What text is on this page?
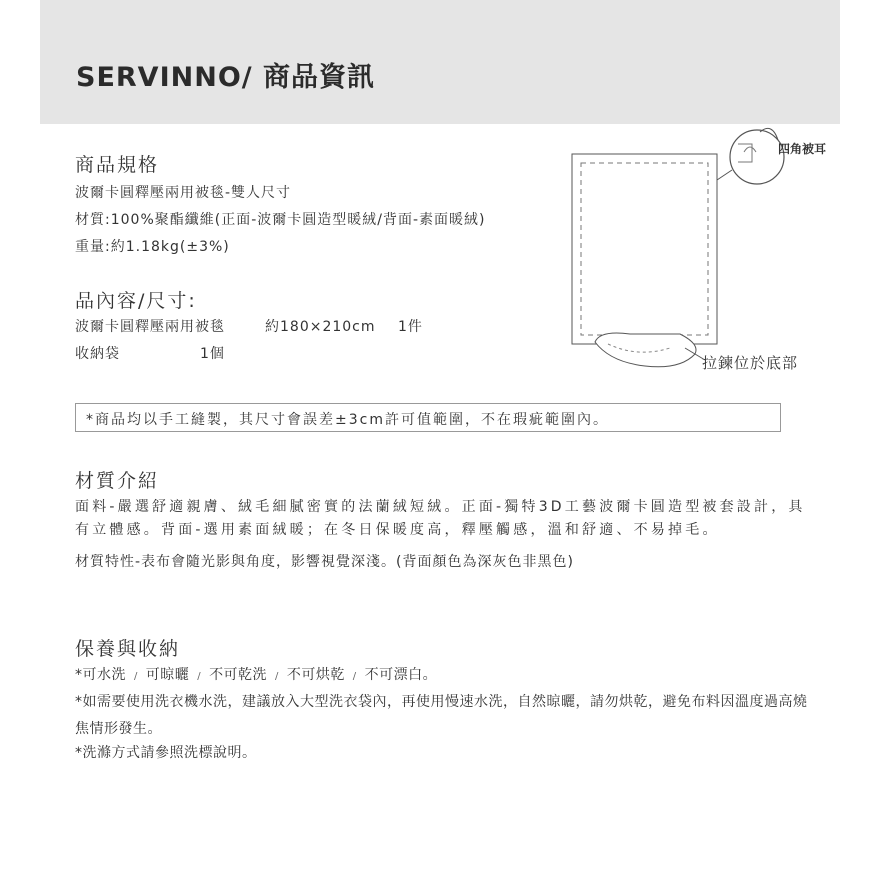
SERVINNO/ 商品資訊
商品規格
波爾卡圓釋壓兩用被毯-雙人尺寸
材質:100%聚酯纖維(正面-波爾卡圓造型暖絨/背面-素面暖絨)
重量:約1.18kg(±3%)
品內容/尺寸:
波爾卡圓釋壓兩用被毯	約180×210cm 1件
收納袋	1個
四角被耳
拉鍊位於底部
*商品均以手工縫製，其尺寸會誤差±3cm許可值範圍，不在瑕疵範圍內。
材質介紹
面料-嚴選舒適親膚、絨毛細膩密實的法蘭絨短絨。正面-獨特3D工藝波爾卡圓造型被套設計，具有立體感。背面-選用素面絨暖；在冬日保暖度高，釋壓觸感，溫和舒適、不易掉毛。
材質特性-表布會隨光影與角度，影響視覺深淺。(背面顏色為深灰色非黑色)
保養與收納
*可水洗 / 可晾曬 / 不可乾洗 / 不可烘乾 / 不可漂白。
*如需要使用洗衣機水洗，建議放入大型洗衣袋內，再使用慢速水洗，自然晾曬，請勿烘乾，避免布料因溫度過高燒焦情形發生。
*洗滌方式請參照洗標說明。
